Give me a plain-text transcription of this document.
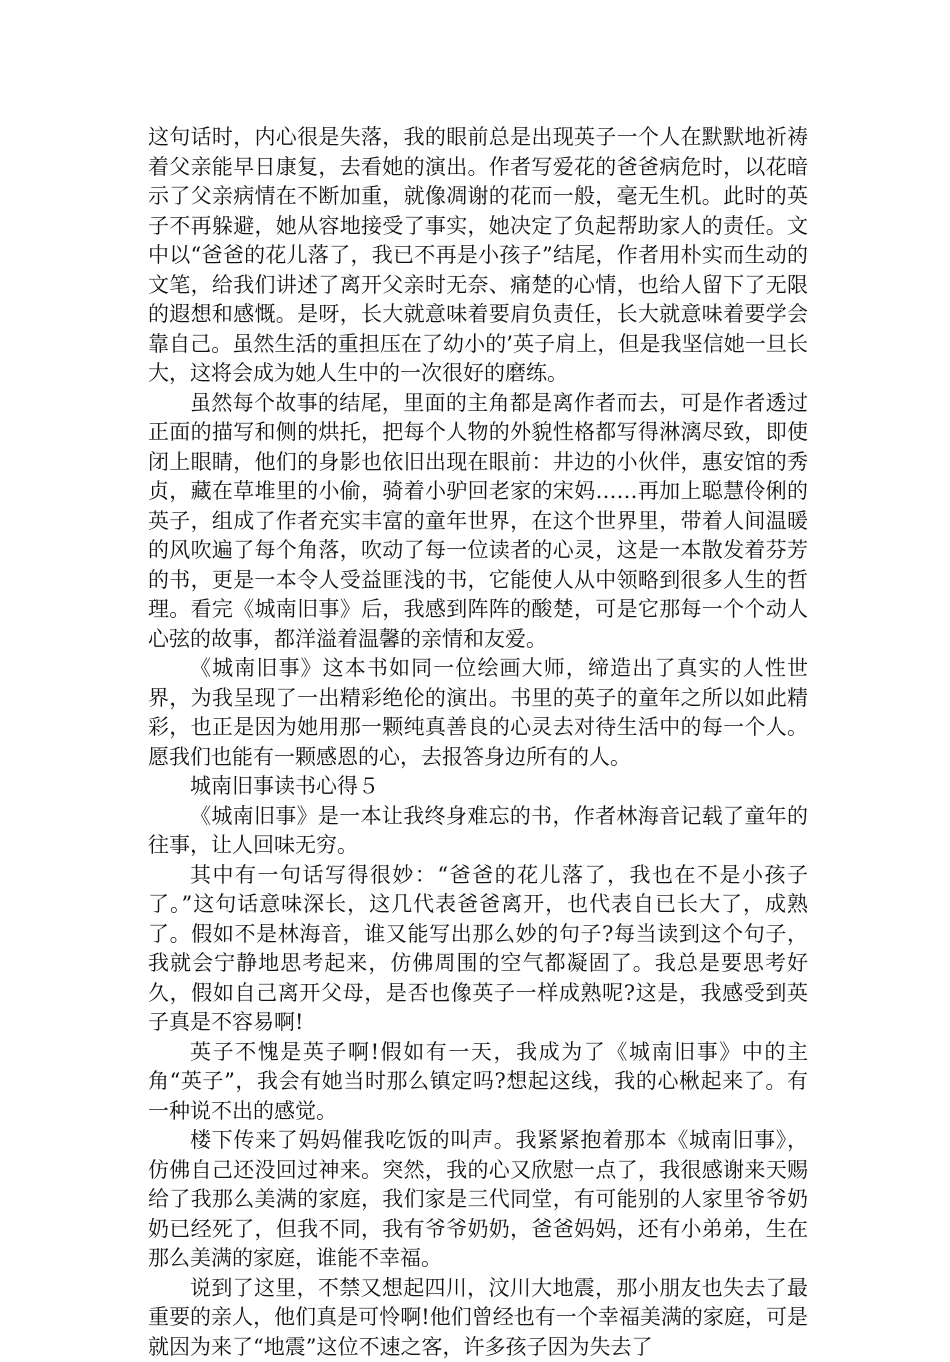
这句话时，内心很是失落，我的眼前总是出现英子一个人在默默地祈祷着父亲能早日康复，去看她的演出。作者写爱花的爸爸病危时，以花暗示了父亲病情在不断加重，就像凋谢的花而一般，毫无生机。此时的英子不再躲避，她从容地接受了事实，她决定了负起帮助家人的责任。文中以“爸爸的花儿落了，我已不再是小孩子”结尾，作者用朴实而生动的文笔，给我们讲述了离开父亲时无奈、痛楚的心情，也给人留下了无限的遐想和感慨。是呀，长大就意味着要肩负责任，长大就意味着要学会靠自己。虽然生活的重担压在了幼小的’英子肩上，但是我坚信她一旦长大，这将会成为她人生中的一次很好的磨练。

虽然每个故事的结尾，里面的主角都是离作者而去，可是作者透过正面的描写和侧的烘托，把每个人物的外貌性格都写得淋漓尽致，即使闭上眼睛，他们的身影也依旧出现在眼前：井边的小伙伴，惠安馆的秀贞，藏在草堆里的小偷，骑着小驴回老家的宋妈……再加上聪慧伶俐的英子，组成了作者充实丰富的童年世界，在这个世界里，带着人间温暖的风吹遍了每个角落，吹动了每一位读者的心灵，这是一本散发着芬芳的书，更是一本令人受益匪浅的书，它能使人从中领略到很多人生的哲理。看完《城南旧事》后，我感到阵阵的酸楚，可是它那每一个个动人心弦的故事，都洋溢着温馨的亲情和友爱。

《城南旧事》这本书如同一位绘画大师，缔造出了真实的人性世界，为我呈现了一出精彩绝伦的演出。书里的英子的童年之所以如此精彩，也正是因为她用那一颗纯真善良的心灵去对待生活中的每一个人。愿我们也能有一颗感恩的心，去报答身边所有的人。

城南旧事读书心得５

《城南旧事》是一本让我终身难忘的书，作者林海音记载了童年的往事，让人回味无穷。

其中有一句话写得很妙：“爸爸的花儿落了，我也在不是小孩子了。”这句话意味深长，这几代表爸爸离开，也代表自已长大了，成熟了。假如不是林海音，谁又能写出那么妙的句子?每当读到这个句子，我就会宁静地思考起来，仿佛周围的空气都凝固了。我总是要思考好久，假如自己离开父母，是否也像英子一样成熟呢?这是，我感受到英子真是不容易啊!

英子不愧是英子啊!假如有一天，我成为了《城南旧事》中的主角“英子”，我会有她当时那么镇定吗?想起这线，我的心楸起来了。有一种说不出的感觉。

楼下传来了妈妈催我吃饭的叫声。我紧紧抱着那本《城南旧事》，仿佛自己还没回过神来。突然，我的心又欣慰一点了，我很感谢来天赐给了我那么美满的家庭，我们家是三代同堂，有可能别的人家里爷爷奶奶已经死了，但我不同，我有爷爷奶奶，爸爸妈妈，还有小弟弟，生在那么美满的家庭，谁能不幸福。

说到了这里，不禁又想起四川，汶川大地震，那小朋友也失去了最重要的亲人，他们真是可怜啊!他们曾经也有一个幸福美满的家庭，可是就因为来了“地震”这位不速之客，许多孩子因为失去了
